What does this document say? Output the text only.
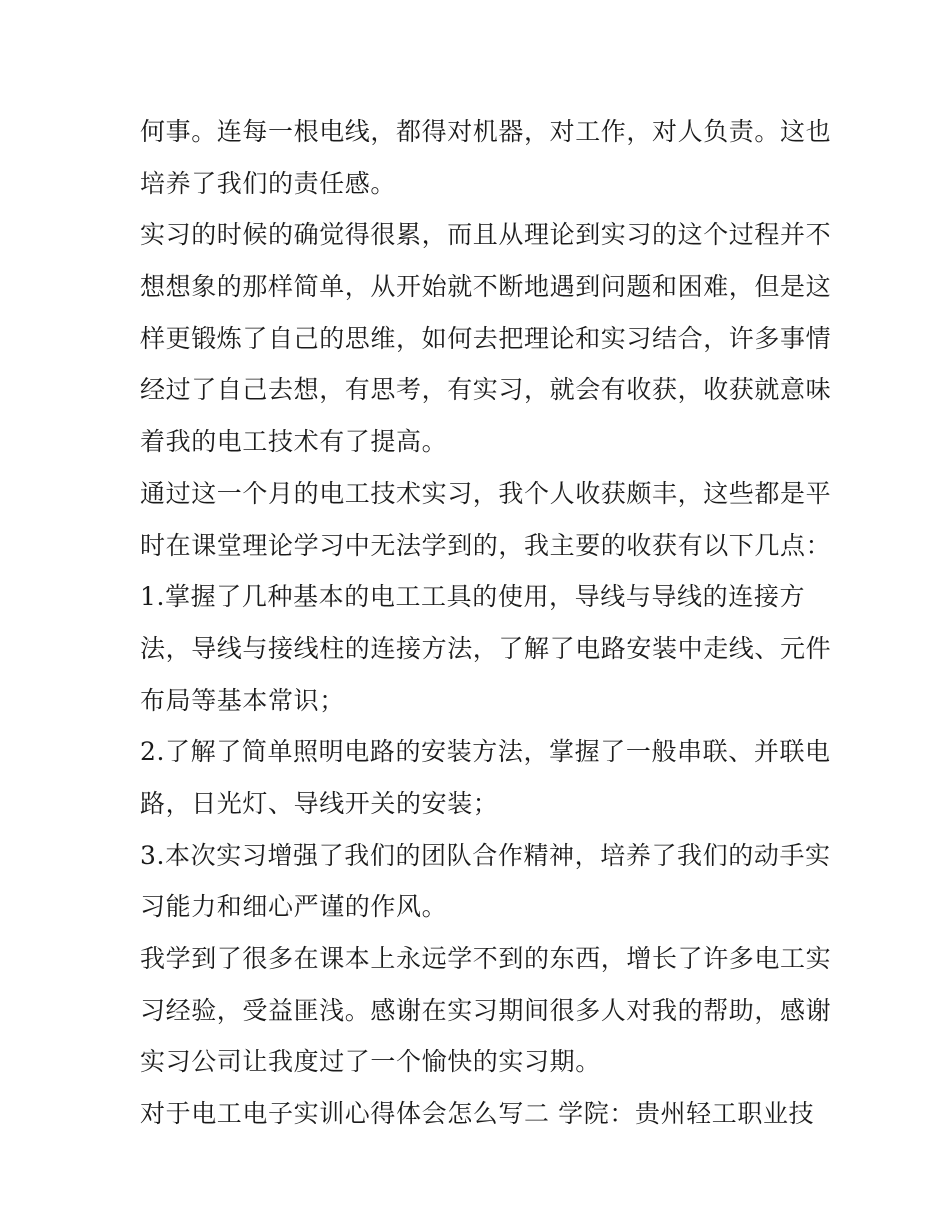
何事。连每一根电线，都得对机器，对工作，对人负责。这也
培养了我们的责任感。
实习的时候的确觉得很累，而且从理论到实习的这个过程并不
想想象的那样简单，从开始就不断地遇到问题和困难，但是这
样更锻炼了自己的思维，如何去把理论和实习结合，许多事情
经过了自己去想，有思考，有实习，就会有收获，收获就意味
着我的电工技术有了提高。
通过这一个月的电工技术实习，我个人收获颇丰，这些都是平
时在课堂理论学习中无法学到的，我主要的收获有以下几点：
1.掌握了几种基本的电工工具的使用，导线与导线的连接方
法，导线与接线柱的连接方法，了解了电路安装中走线、元件
布局等基本常识；
2.了解了简单照明电路的安装方法，掌握了一般串联、并联电
路，日光灯、导线开关的安装；
3.本次实习增强了我们的团队合作精神，培养了我们的动手实
习能力和细心严谨的作风。
我学到了很多在课本上永远学不到的东西，增长了许多电工实
习经验，受益匪浅。感谢在实习期间很多人对我的帮助，感谢
实习公司让我度过了一个愉快的实习期。
对于电工电子实训心得体会怎么写二 学院：贵州轻工职业技
